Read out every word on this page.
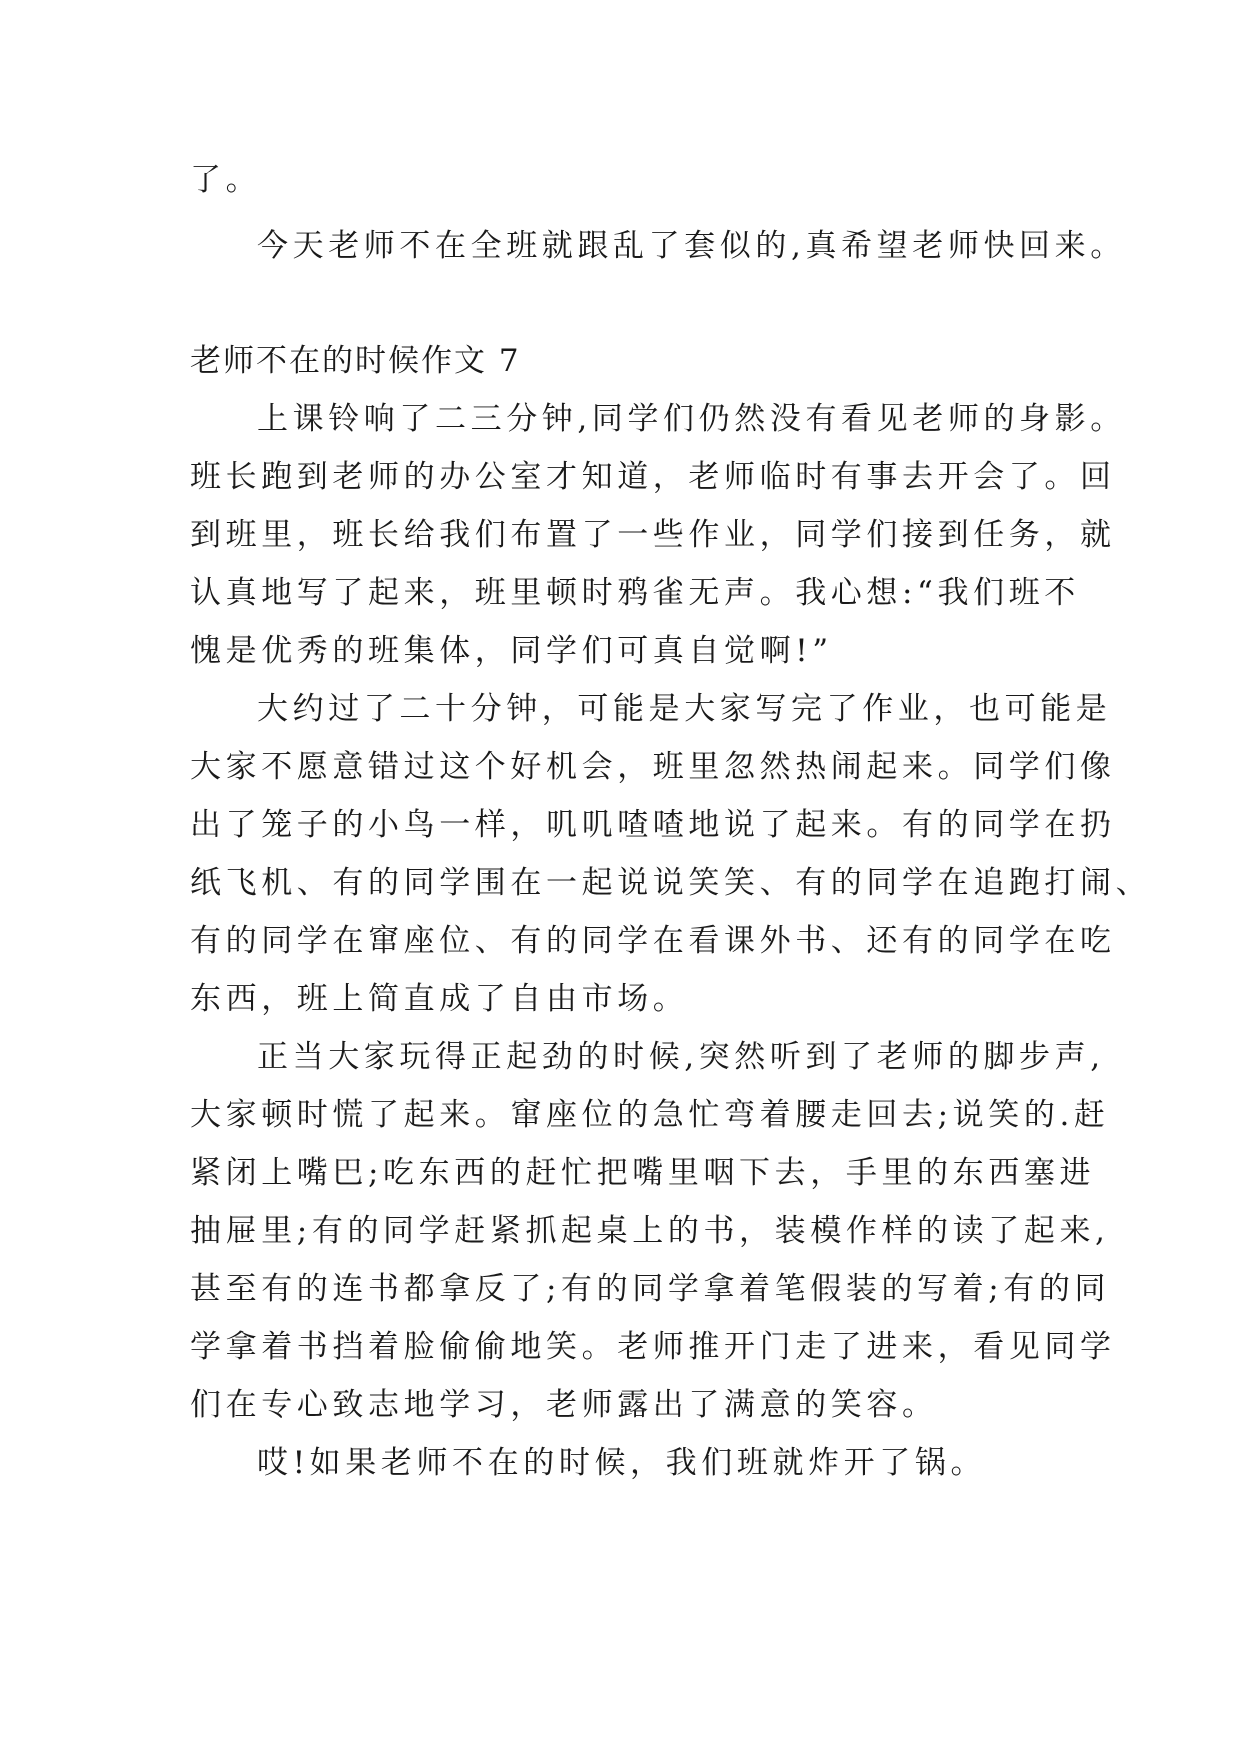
了。
今天老师不在全班就跟乱了套似的,真希望老师快回来。
老师不在的时候作文 7
上课铃响了二三分钟,同学们仍然没有看见老师的身影。
班长跑到老师的办公室才知道，老师临时有事去开会了。回
到班里，班长给我们布置了一些作业，同学们接到任务，就
认真地写了起来，班里顿时鸦雀无声。我心想:“我们班不
愧是优秀的班集体，同学们可真自觉啊!”
大约过了二十分钟，可能是大家写完了作业，也可能是
大家不愿意错过这个好机会，班里忽然热闹起来。同学们像
出了笼子的小鸟一样，叽叽喳喳地说了起来。有的同学在扔
纸飞机、有的同学围在一起说说笑笑、有的同学在追跑打闹、
有的同学在窜座位、有的同学在看课外书、还有的同学在吃
东西，班上简直成了自由市场。
正当大家玩得正起劲的时候,突然听到了老师的脚步声,
大家顿时慌了起来。窜座位的急忙弯着腰走回去;说笑的.赶
紧闭上嘴巴;吃东西的赶忙把嘴里咽下去，手里的东西塞进
抽屉里;有的同学赶紧抓起桌上的书，装模作样的读了起来,
甚至有的连书都拿反了;有的同学拿着笔假装的写着;有的同
学拿着书挡着脸偷偷地笑。老师推开门走了进来，看见同学
们在专心致志地学习，老师露出了满意的笑容。
哎!如果老师不在的时候，我们班就炸开了锅。
